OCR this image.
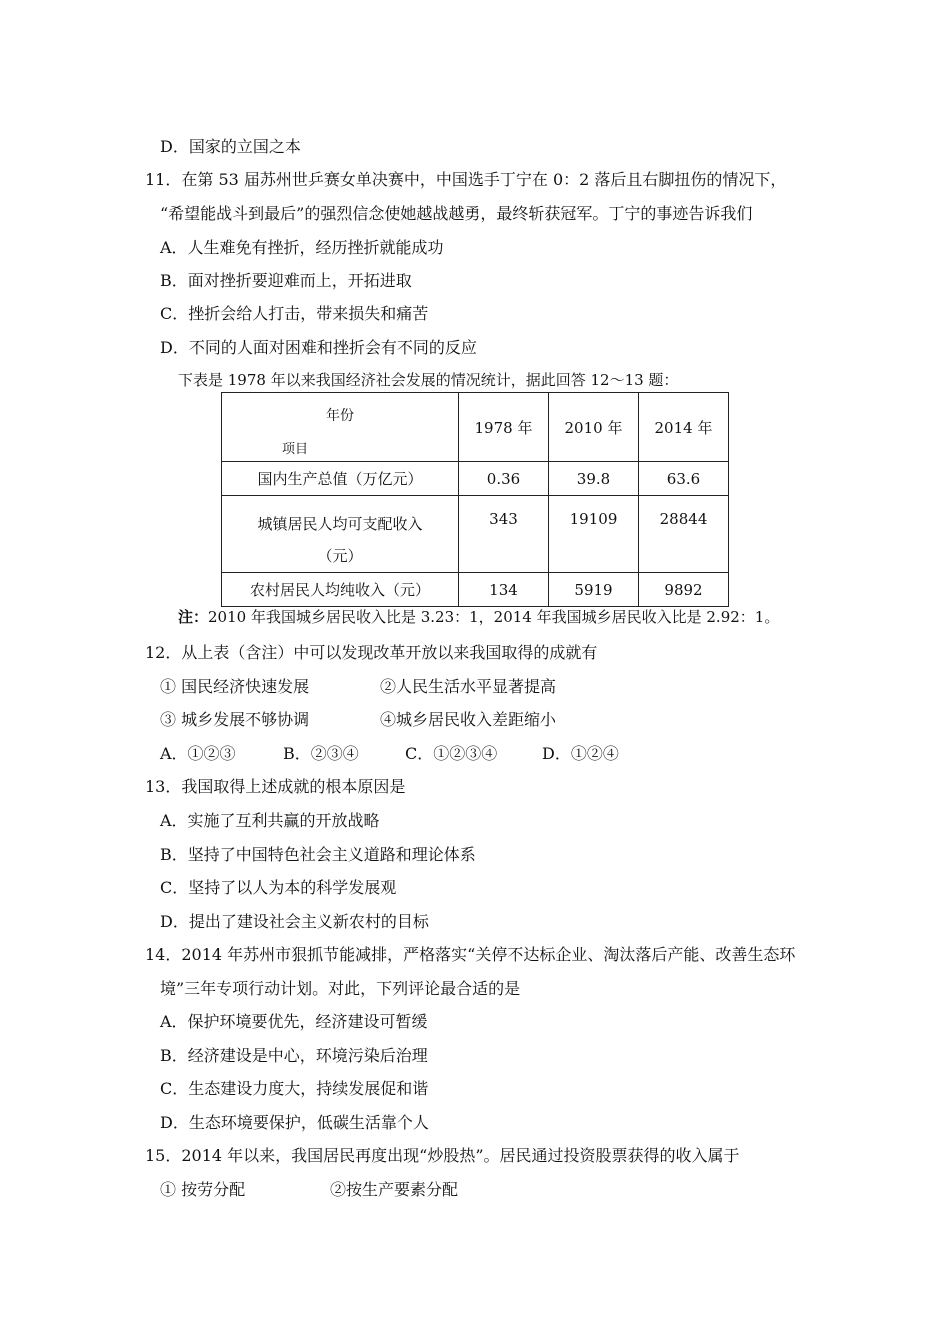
D．国家的立国之本
11．在第 53 届苏州世乒赛女单决赛中，中国选手丁宁在 0：2 落后且右脚扭伤的情况下，
“希望能战斗到最后”的强烈信念使她越战越勇，最终斩获冠军。丁宁的事迹告诉我们
A．人生难免有挫折，经历挫折就能成功
B．面对挫折要迎难而上，开拓进取
C．挫折会给人打击，带来损失和痛苦
D．不同的人面对困难和挫折会有不同的反应
下表是 1978 年以来我国经济社会发展的情况统计，据此回答 12～13 题：
年份
项目	1978 年	2010 年	2014 年
国内生产总值（万亿元）	0.36	39.8	63.6

城镇居民人均可支配收入
（元）	343	19109	28844
农村居民人均纯收入（元）	134	5919	9892
注：2010 年我国城乡居民收入比是 3.23：1，2014 年我国城乡居民收入比是 2.92：1。
12．从上表（含注）中可以发现改革开放以来我国取得的成就有
① 国民经济快速发展	②人民生活水平显著提高
③ 城乡发展不够协调	④城乡居民收入差距缩小
A．①②③	B．②③④	C．①②③④	D．①②④
13．我国取得上述成就的根本原因是
A．实施了互利共赢的开放战略
B．坚持了中国特色社会主义道路和理论体系
C．坚持了以人为本的科学发展观
D．提出了建设社会主义新农村的目标
14．2014 年苏州市狠抓节能减排，严格落实“关停不达标企业、淘汰落后产能、改善生态环
境”三年专项行动计划。对此，下列评论最合适的是
A．保护环境要优先，经济建设可暂缓
B．经济建设是中心，环境污染后治理
C．生态建设力度大，持续发展促和谐
D．生态环境要保护，低碳生活靠个人
15．2014 年以来，我国居民再度出现“炒股热”。居民通过投资股票获得的收入属于
① 按劳分配	②按生产要素分配
